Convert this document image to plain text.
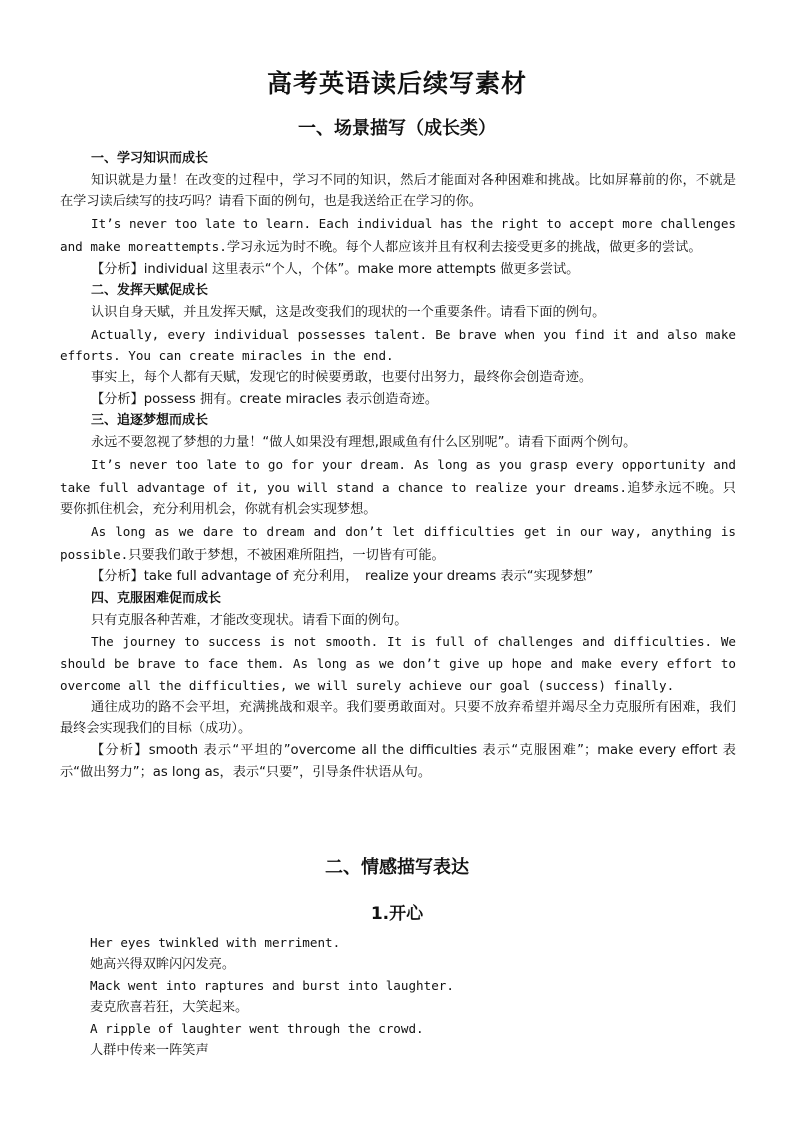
高考英语读后续写素材
一、场景描写（成长类）

一、学习知识而成长

知识就是力量！在改变的过程中，学习不同的知识，然后才能面对各种困难和挑战。比如屏幕前的你，不就是在学习读后续写的技巧吗？请看下面的例句，也是我送给正在学习的你。

It’s never too late to learn. Each individual has the right to accept more challenges and make moreattempts.学习永远为时不晚。每个人都应该并且有权利去接受更多的挑战，做更多的尝试。

【分析】individual 这里表示“个人，个体”。make more attempts 做更多尝试。

二、发挥天赋促成长

认识自身天赋，并且发挥天赋，这是改变我们的现状的一个重要条件。请看下面的例句。

Actually, every individual possesses talent. Be brave when you find it and also make efforts. You can create miracles in the end.

事实上，每个人都有天赋，发现它的时候要勇敢，也要付出努力，最终你会创造奇迹。

【分析】possess 拥有。create miracles 表示创造奇迹。

三、追逐梦想而成长

永远不要忽视了梦想的力量！“做人如果没有理想,跟咸鱼有什么区别呢”。请看下面两个例句。

It’s never too late to go for your dream. As long as you grasp every opportunity and take full advantage of it, you will stand a chance to realize your dreams.追梦永远不晚。只要你抓住机会，充分利用机会，你就有机会实现梦想。

As long as we dare to dream and don’t let difficulties get in our way, anything is possible.只要我们敢于梦想，不被困难所阻挡，一切皆有可能。

【分析】take full advantage of 充分利用，　realize your dreams 表示“实现梦想”

四、克服困难促而成长

只有克服各种苦难，才能改变现状。请看下面的例句。

The journey to success is not smooth. It is full of challenges and difficulties. We should be brave to face them. As long as we don’t give up hope and make every effort to overcome all the difficulties, we will surely achieve our goal (success) finally.

通往成功的路不会平坦，充满挑战和艰辛。我们要勇敢面对。只要不放弃希望并竭尽全力克服所有困难，我们最终会实现我们的目标（成功）。

【分析】smooth 表示“平坦的”overcome all the difficulties 表示“克服困难”；make every effort 表示“做出努力”；as long as，表示“只要”，引导条件状语从句。

二、情感描写表达
1.开心

Her eyes twinkled with merriment.

她高兴得双眸闪闪发亮。

Mack went into raptures and burst into laughter.

麦克欣喜若狂，大笑起来。

A ripple of laughter went through the crowd.

人群中传来一阵笑声
